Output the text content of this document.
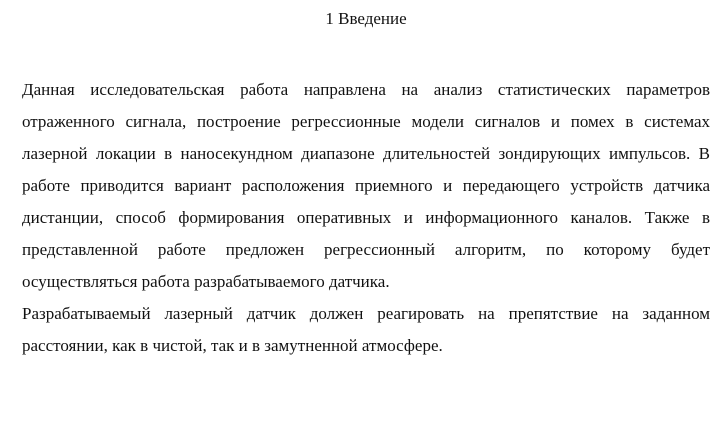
1 Введение

Данная исследовательская работа направлена на анализ статистических параметров отраженного сигнала, построение регрессионные модели сигналов и помех в системах лазерной локации в наносекундном диапазоне длительностей зондирующих импульсов. В работе приводится вариант расположения приемного и передающего устройств датчика дистанции, способ формирования оперативных и информационного каналов. Также в представленной работе предложен регрессионный алгоритм, по которому будет осуществляться работа разрабатываемого датчика.

Разрабатываемый лазерный датчик должен реагировать на препятствие на заданном расстоянии, как в чистой, так и в замутненной атмосфере.
